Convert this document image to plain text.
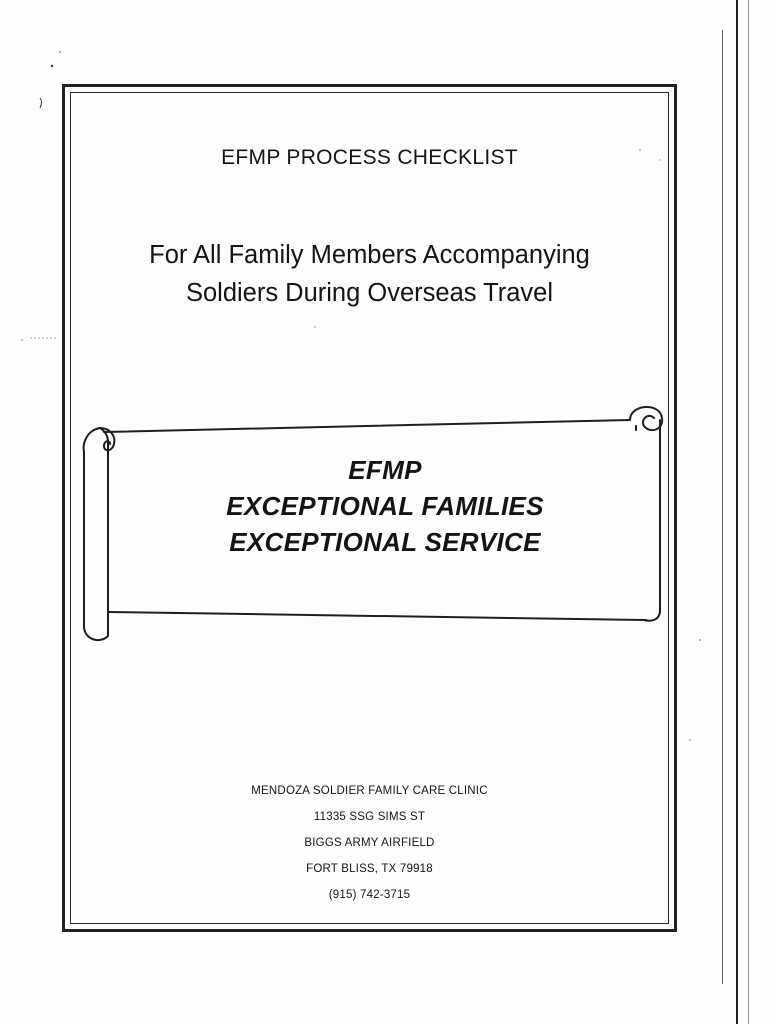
EFMP PROCESS CHECKLIST
For All Family Members Accompanying
Soldiers During Overseas Travel
EFMP
EXCEPTIONAL FAMILIES
EXCEPTIONAL SERVICE
MENDOZA SOLDIER FAMILY CARE CLINIC
11335 SSG SIMS ST
BIGGS ARMY AIRFIELD
FORT BLISS, TX 79918
(915) 742-3715
